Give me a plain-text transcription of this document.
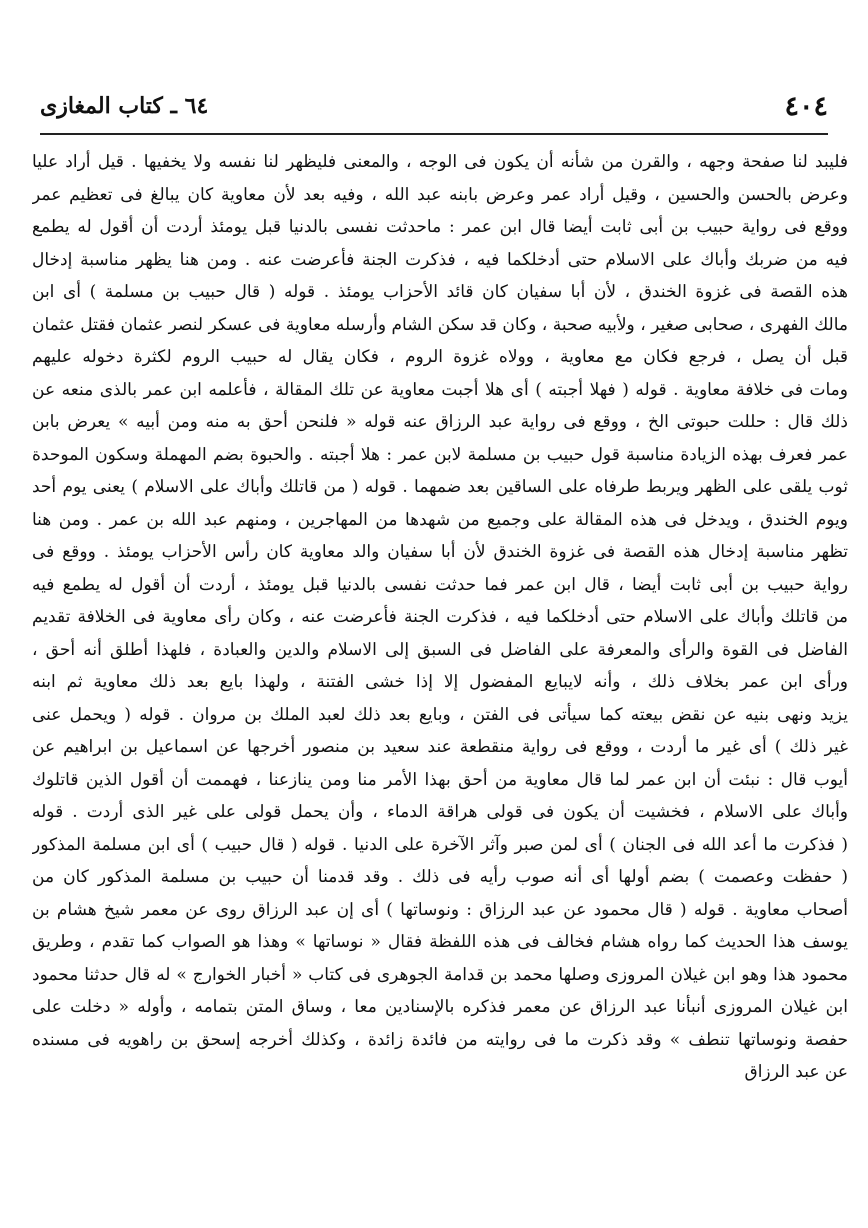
٤٠٤
٦٤ ـ كتاب المغازى

فليبد لنا صفحة وجهه ، والقرن من شأنه أن يكون فى الوجه ، والمعنى فليظهر لنا نفسه ولا يخفيها . قيل أراد عليا
وعرض بالحسن والحسين ، وقيل أراد عمر وعرض بابنه عبد الله ، وفيه بعد لأن معاوية كان يبالغ فى تعظيم عمر
ووقع فى رواية حبيب بن أبى ثابت أيضا قال ابن عمر : ماحدثت نفسى بالدنيا قبل يومئذ أردت أن أقول له يطمع
فيه من ضربك وأباك على الاسلام حتى أدخلكما فيه ، فذكرت الجنة فأعرضت عنه . ومن هنا يظهر مناسبة إدخال
هذه القصة فى غزوة الخندق ، لأن أبا سفيان كان قائد الأحزاب يومئذ . قوله ( قال حبيب بن مسلمة ) أى ابن
مالك الفهرى ، صحابى صغير ، ولأبيه صحبة ، وكان قد سكن الشام وأرسله معاوية فى عسكر لنصر عثمان فقتل عثمان
قبل أن يصل ، فرجع فكان مع معاوية ، وولاه غزوة الروم ، فكان يقال له حبيب الروم لكثرة دخوله عليهم
ومات فى خلافة معاوية . قوله ( فهلا أجبته ) أى هلا أجبت معاوية عن تلك المقالة ، فأعلمه ابن عمر بالذى منعه عن
ذلك قال : حللت حبوتى الخ ، ووقع فى رواية عبد الرزاق عنه قوله « فلنحن أحق به منه ومن أبيه » يعرض بابن
عمر فعرف بهذه الزيادة مناسبة قول حبيب بن مسلمة لابن عمر : هلا أجبته . والحبوة بضم المهملة وسكون الموحدة
ثوب يلقى على الظهر ويربط طرفاه على الساقين بعد ضمهما . قوله ( من قاتلك وأباك على الاسلام ) يعنى يوم أحد
ويوم الخندق ، ويدخل فى هذه المقالة على وجميع من شهدها من المهاجرين ، ومنهم عبد الله بن عمر . ومن هنا
تظهر مناسبة إدخال هذه القصة فى غزوة الخندق لأن أبا سفيان والد معاوية كان رأس الأحزاب يومئذ . ووقع فى
رواية حبيب بن أبى ثابت أيضا ، قال ابن عمر فما حدثت نفسى بالدنيا قبل يومئذ ، أردت أن أقول له يطمع فيه
من قاتلك وأباك على الاسلام حتى أدخلكما فيه ، فذكرت الجنة فأعرضت عنه ، وكان رأى معاوية فى الخلافة تقديم
الفاضل فى القوة والرأى والمعرفة على الفاضل فى السبق إلى الاسلام والدين والعبادة ، فلهذا أطلق أنه أحق ،
ورأى ابن عمر بخلاف ذلك ، وأنه لايبايع المفضول إلا إذا خشى الفتنة ، ولهذا بايع بعد ذلك معاوية ثم ابنه
يزيد ونهى بنيه عن نقض بيعته كما سيأتى فى الفتن ، وبايع بعد ذلك لعبد الملك بن مروان . قوله ( ويحمل عنى
غير ذلك ) أى غير ما أردت ، ووقع فى رواية منقطعة عند سعيد بن منصور أخرجها عن اسماعيل بن ابراهيم عن
أيوب قال : نبئت أن ابن عمر لما قال معاوية من أحق بهذا الأمر منا ومن ينازعنا ، فهممت أن أقول الذين قاتلوك
وأباك على الاسلام ، فخشيت أن يكون فى قولى هراقة الدماء ، وأن يحمل قولى على غير الذى أردت . قوله
( فذكرت ما أعد الله فى الجنان ) أى لمن صبر وآثر الآخرة على الدنيا . قوله ( قال حبيب ) أى ابن مسلمة المذكور
( حفظت وعصمت ) بضم أولها أى أنه صوب رأيه فى ذلك . وقد قدمنا أن حبيب بن مسلمة المذكور كان من
أصحاب معاوية . قوله ( قال محمود عن عبد الرزاق : ونوساتها ) أى إن عبد الرزاق روى عن معمر شيخ هشام بن
يوسف هذا الحديث كما رواه هشام فخالف فى هذه اللفظة فقال « نوساتها » وهذا هو الصواب كما تقدم ، وطريق
محمود هذا وهو ابن غيلان المروزى وصلها محمد بن قدامة الجوهرى فى كتاب « أخبار الخوارج » له قال حدثنا محمود
ابن غيلان المروزى أنبأنا عبد الرزاق عن معمر فذكره بالإسنادين معا ، وساق المتن بتمامه ، وأوله « دخلت على
حفصة ونوساتها تنطف » وقد ذكرت ما فى روايته من فائدة زائدة ، وكذلك أخرجه إسحق بن راهويه فى مسنده
عن عبد الرزاق
